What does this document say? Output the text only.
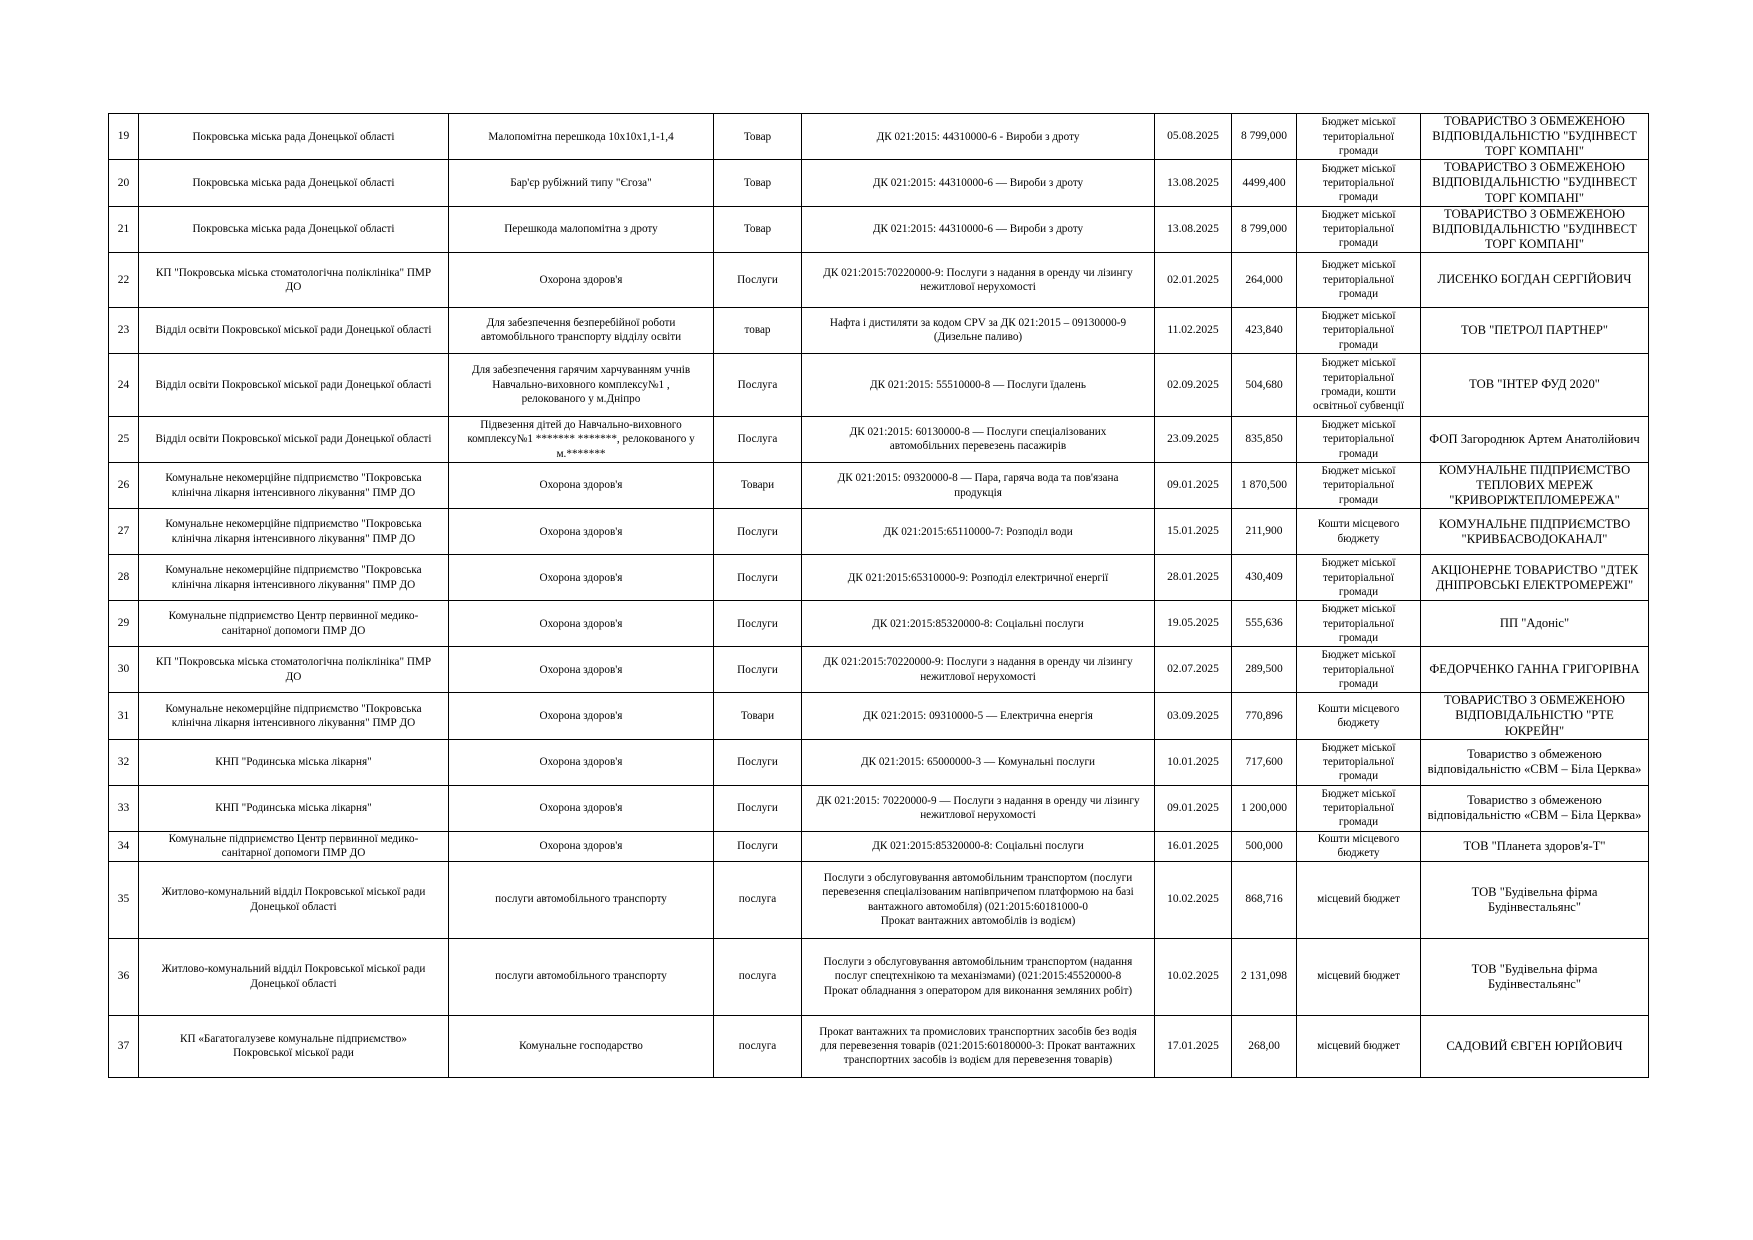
19	Покровська міська рада Донецької області	Малопомітна перешкода 10х10х1,1-1,4	Товар	ДК 021:2015: 44310000-6 - Вироби з дроту	05.08.2025	8 799,000	Бюджет міської
територіальної
громади	ТОВАРИСТВО З ОБМЕЖЕНОЮ
ВІДПОВІДАЛЬНІСТЮ "БУДІНВЕСТ
ТОРГ КОМПАНІ"
20	Покровська міська рада Донецької області	Бар'єр рубіжний типу "Єгоза"	Товар	ДК 021:2015: 44310000-6 — Вироби з дроту	13.08.2025	4499,400	Бюджет міської
територіальної
громади	ТОВАРИСТВО З ОБМЕЖЕНОЮ
ВІДПОВІДАЛЬНІСТЮ "БУДІНВЕСТ
ТОРГ КОМПАНІ"
21	Покровська міська рада Донецької області	Перешкода малопомітна з дроту	Товар	ДК 021:2015: 44310000-6 — Вироби з дроту	13.08.2025	8 799,000	Бюджет міської
територіальної
громади	ТОВАРИСТВО З ОБМЕЖЕНОЮ
ВІДПОВІДАЛЬНІСТЮ "БУДІНВЕСТ
ТОРГ КОМПАНІ"
22	КП "Покровська міська стоматологічна поліклініка" ПМР
ДО	Охорона здоров'я	Послуги	ДК 021:2015:70220000-9: Послуги з надання в оренду чи лізингу
нежитлової нерухомості	02.01.2025	264,000	Бюджет міської
територіальної
громади	ЛИСЕНКО БОГДАН СЕРГІЙОВИЧ
23	Відділ освіти Покровської міської ради Донецької області	Для забезпечення безперебійної роботи
автомобільного транспорту відділу освіти	товар	Нафта і дистиляти за кодом CPV за ДК 021:2015 – 09130000-9
(Дизельне паливо)	11.02.2025	423,840	Бюджет міської
територіальної
громади	ТОВ "ПЕТРОЛ ПАРТНЕР"
24	Відділ освіти Покровської міської ради Донецької області	Для забезпечення гарячим харчуванням учнів
Навчально-виховного комплексу№1 ,
релокованого у м.Дніпро	Послуга	ДК 021:2015: 55510000-8 — Послуги їдалень	02.09.2025	504,680	Бюджет міської
територіальної
громади, кошти
освітньої субвенції	ТОВ "ІНТЕР ФУД 2020"
25	Відділ освіти Покровської міської ради Донецької області	Підвезення дітей до Навчально-виховного
комплексу№1 ******* *******, релокованого у
м.*******	Послуга	ДК 021:2015: 60130000-8 — Послуги спеціалізованих
автомобільних перевезень пасажирів	23.09.2025	835,850	Бюджет міської
територіальної
громади	ФОП Загороднюк Артем Анатолійович
26	Комунальне некомерційне підприємство "Покровська
клінічна лікарня інтенсивного лікування" ПМР ДО	Охорона здоров'я	Товари	ДК 021:2015: 09320000-8 — Пара, гаряча вода та пов'язана
продукція	09.01.2025	1 870,500	Бюджет міської
територіальної
громади	КОМУНАЛЬНЕ ПІДПРИЄМСТВО
ТЕПЛОВИХ МЕРЕЖ
"КРИВОРІЖТЕПЛОМЕРЕЖА"
27	Комунальне некомерційне підприємство "Покровська
клінічна лікарня інтенсивного лікування" ПМР ДО	Охорона здоров'я	Послуги	ДК 021:2015:65110000-7: Розподіл води	15.01.2025	211,900	Кошти місцевого
бюджету	КОМУНАЛЬНЕ ПІДПРИЄМСТВО
"КРИВБАСВОДОКАНАЛ"
28	Комунальне некомерційне підприємство "Покровська
клінічна лікарня інтенсивного лікування" ПМР ДО	Охорона здоров'я	Послуги	ДК 021:2015:65310000-9: Розподіл електричної енергії	28.01.2025	430,409	Бюджет міської
територіальної
громади	АКЦІОНЕРНЕ ТОВАРИСТВО "ДТЕК
ДНІПРОВСЬКІ ЕЛЕКТРОМЕРЕЖІ"
29	Комунальне підприємство Центр первинної медико-
санітарної допомоги ПМР ДО	Охорона здоров'я	Послуги	ДК 021:2015:85320000-8: Соціальні послуги	19.05.2025	555,636	Бюджет міської
територіальної
громади	ПП "Адоніс"
30	КП "Покровська міська стоматологічна поліклініка" ПМР
ДО	Охорона здоров'я	Послуги	ДК 021:2015:70220000-9: Послуги з надання в оренду чи лізингу
нежитлової нерухомості	02.07.2025	289,500	Бюджет міської
територіальної
громади	ФЕДОРЧЕНКО ГАННА ГРИГОРІВНА
31	Комунальне некомерційне підприємство "Покровська
клінічна лікарня інтенсивного лікування" ПМР ДО	Охорона здоров'я	Товари	ДК 021:2015: 09310000-5 — Електрична енергія	03.09.2025	770,896	Кошти місцевого
бюджету	ТОВАРИСТВО З ОБМЕЖЕНОЮ
ВІДПОВІДАЛЬНІСТЮ "РТЕ ЮКРЕЙН"
32	КНП "Родинська міська лікарня"	Охорона здоров'я	Послуги	ДК 021:2015: 65000000-3 — Комунальні послуги	10.01.2025	717,600	Бюджет міської
територіальної
громади	Товариство з обмеженою
відповідальністю «СВМ – Біла Церква»
33	КНП "Родинська міська лікарня"	Охорона здоров'я	Послуги	ДК 021:2015: 70220000-9 — Послуги з надання в оренду чи лізингу
нежитлової нерухомості	09.01.2025	1 200,000	Бюджет міської
територіальної
громади	Товариство з обмеженою
відповідальністю «СВМ – Біла Церква»
34	Комунальне підприємство Центр первинної медико-
санітарної допомоги ПМР ДО	Охорона здоров'я	Послуги	ДК 021:2015:85320000-8: Соціальні послуги	16.01.2025	500,000	Кошти місцевого
бюджету	ТОВ "Планета здоров'я-Т"
35	Житлово-комунальний відділ Покровської міської ради
Донецької області	послуги автомобільного транспорту	послуга	Послуги з обслуговування автомобільним транспортом (послуги
перевезення спеціалізованим напівпричепом платформою на базі
вантажного автомобіля) (021:2015:60181000-0
Прокат вантажних автомобілів із водієм)	10.02.2025	868,716	місцевий бюджет	ТОВ "Будівельна фірма Будінвестальянс"
36	Житлово-комунальний відділ Покровської міської ради
Донецької області	послуги автомобільного транспорту	послуга	Послуги з обслуговування автомобільним транспортом (надання
послуг спецтехнікою та механізмами) (021:2015:45520000-8
Прокат обладнання з оператором для виконання земляних робіт)	10.02.2025	2 131,098	місцевий бюджет	ТОВ "Будівельна фірма Будінвестальянс"
37	КП «Багатогалузеве комунальне підприємство»
Покровської міської ради	Комунальне господарство	послуга	Прокат вантажних та промислових транспортних засобів без водія
для перевезення товарів (021:2015:60180000-3: Прокат вантажних
транспортних засобів із водієм для перевезення товарів)	17.01.2025	268,00	місцевий бюджет	САДОВИЙ ЄВГЕН ЮРІЙОВИЧ
